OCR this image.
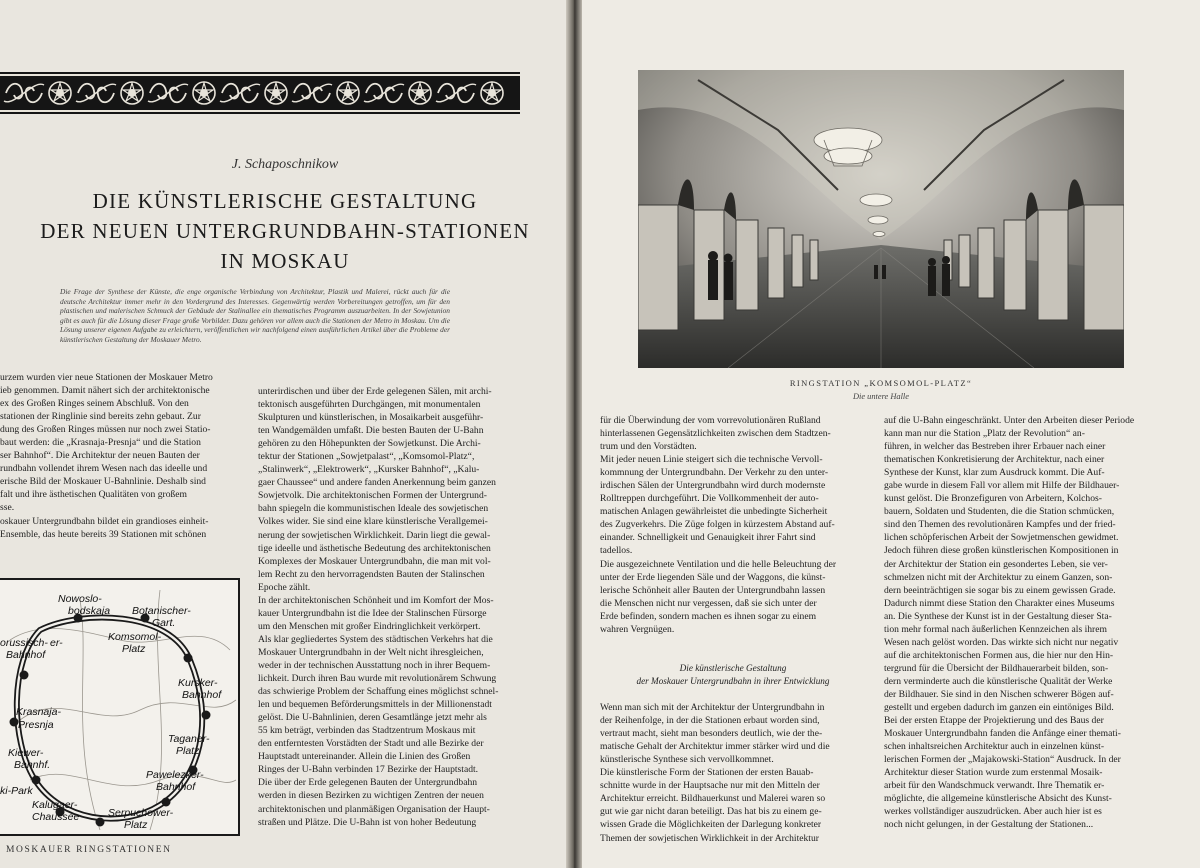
J. Schaposchnikow
DIE KÜNSTLERISCHE GESTALTUNG
DER NEUEN UNTERGRUNDBAHN-STATIONEN
IN MOSKAU
Die Frage der Synthese der Künste, die enge organische Verbindung von Architektur, Plastik und Malerei, rückt auch für die deutsche Architektur immer mehr in den Vordergrund des Interesses. Gegenwärtig werden Vorbereitungen getroffen, um für den plastischen und malerischen Schmuck der Gebäude der Stalinallee ein thematisches Programm auszuarbeiten. In der Sowjetunion gibt es auch für die Lösung dieser Frage große Vorbilder. Dazu gehören vor allem auch die Stationen der Metro in Moskau. Um die Lösung unserer eigenen Aufgabe zu erleichtern, veröffentlichen wir nachfolgend einen ausführlichen Artikel über die Probleme der künstlerischen Gestaltung der Moskauer Metro.
urzem wurden vier neue Stationen der Moskauer Metro
ieb genommen. Damit nähert sich der architektonische
ex des Großen Ringes seinem Abschluß. Von den
stationen der Ringlinie sind bereits zehn gebaut. Zur
dung des Großen Ringes müssen nur noch zwei Statio-
baut werden: die „Krasnaja-Presnja“ und die Station
ser Bahnhof“. Die Architektur der neuen Bauten der
rundbahn vollendet ihrem Wesen nach das ideelle und
erische Bild der Moskauer U-Bahnlinie. Deshalb sind
falt und ihre ästhetischen Qualitäten von großem
sse.
oskauer Untergrundbahn bildet ein grandioses einheit-
Ensemble, das heute bereits 39 Stationen mit schönen
unterirdischen und über der Erde gelegenen Sälen, mit archi-
tektonisch ausgeführten Durchgängen, mit monumentalen
Skulpturen und künstlerischen, in Mosaikarbeit ausgeführ-
ten Wandgemälden umfaßt. Die besten Bauten der U-Bahn
gehören zu den Höhepunkten der Sowjetkunst. Die Archi-
tektur der Stationen „Sowjetpalast“, „Komsomol-Platz“,
„Stalinwerk“, „Elektrowerk“, „Kursker Bahnhof“, „Kalu-
gaer Chaussee“ und andere fanden Anerkennung beim ganzen
Sowjetvolk. Die architektonischen Formen der Untergrund-
bahn spiegeln die kommunistischen Ideale des sowjetischen
Volkes wider. Sie sind eine klare künstlerische Verallgemei-
nerung der sowjetischen Wirklichkeit. Darin liegt die gewal-
tige ideelle und ästhetische Bedeutung des architektonischen
Komplexes der Moskauer Untergrundbahn, die man mit vol-
lem Recht zu den hervorragendsten Bauten der Stalinschen
Epoche zählt.
In der architektonischen Schönheit und im Komfort der Mos-
kauer Untergrundbahn ist die Idee der Stalinschen Fürsorge
um den Menschen mit großer Eindringlichkeit verkörpert.
Als klar gegliedertes System des städtischen Verkehrs hat die
Moskauer Untergrundbahn in der Welt nicht ihresgleichen,
weder in der technischen Ausstattung noch in ihrer Bequem-
lichkeit. Durch ihren Bau wurde mit revolutionärem Schwung
das schwierige Problem der Schaffung eines möglichst schnel-
len und bequemen Beförderungsmittels in der Millionenstadt
gelöst. Die U-Bahnlinien, deren Gesamtlänge jetzt mehr als
55 km beträgt, verbinden das Stadtzentrum Moskaus mit
den entferntesten Vorstädten der Stadt und alle Bezirke der
Hauptstadt untereinander. Allein die Linien des Großen
Ringes der U-Bahn verbinden 17 Bezirke der Hauptstadt.
Die über der Erde gelegenen Bauten der Untergrundbahn
werden in diesen Bezirken zu wichtigen Zentren der neuen
architektonischen und planmäßigen Organisation der Haupt-
straßen und Plätze. Die U-Bahn ist von hoher Bedeutung
Nowoslo-
bodskaja Botanischer-
Gart.
Komsomol-
Platz
orussisch- er-
Bahnhof
Krasnaja-
Presnja
Kursker-
Bahnhof
Kiewer-
Bahnhf.
ki-Park
Taganer-
Platz
Pawelezker-
Bahnhof
Kalugaer-
Chaussee	Serpuchower-
Platz
MOSKAUER RINGSTATIONEN
RINGSTATION „KOMSOMOL-PLATZ“
Die untere Halle
für die Überwindung der vom vorrevolutionären Rußland
hinterlassenen Gegensätzlichkeiten zwischen dem Stadtzen-
trum und den Vorstädten.
Mit jeder neuen Linie steigert sich die technische Vervoll-
kommnung der Untergrundbahn. Der Verkehr zu den unter-
irdischen Sälen der Untergrundbahn wird durch modernste
Rolltreppen durchgeführt. Die Vollkommenheit der auto-
matischen Anlagen gewährleistet die unbedingte Sicherheit
des Zugverkehrs. Die Züge folgen in kürzestem Abstand auf-
einander. Schnelligkeit und Genauigkeit ihrer Fahrt sind
tadellos.
Die ausgezeichnete Ventilation und die helle Beleuchtung der
unter der Erde liegenden Säle und der Waggons, die künst-
lerische Schönheit aller Bauten der Untergrundbahn lassen
die Menschen nicht nur vergessen, daß sie sich unter der
Erde befinden, sondern machen es ihnen sogar zu einem
wahren Vergnügen.

Die künstlerische Gestaltung
der Moskauer Untergrundbahn in ihrer Entwicklung

Wenn man sich mit der Architektur der Untergrundbahn in
der Reihenfolge, in der die Stationen erbaut worden sind,
vertraut macht, sieht man besonders deutlich, wie der the-
matische Gehalt der Architektur immer stärker wird und die
künstlerische Synthese sich vervollkommnet.
Die künstlerische Form der Stationen der ersten Bauab-
schnitte wurde in der Hauptsache nur mit den Mitteln der
Architektur erreicht. Bildhauerkunst und Malerei waren so
gut wie gar nicht daran beteiligt. Das hat bis zu einem ge-
wissen Grade die Möglichkeiten der Darlegung konkreter
Themen der sowjetischen Wirklichkeit in der Architektur
auf die U-Bahn eingeschränkt. Unter den Arbeiten dieser Periode
kann man nur die Station „Platz der Revolution“ an-
führen, in welcher das Bestreben ihrer Erbauer nach einer
thematischen Konkretisierung der Architektur, nach einer
Synthese der Kunst, klar zum Ausdruck kommt. Die Auf-
gabe wurde in diesem Fall vor allem mit Hilfe der Bildhauer-
kunst gelöst. Die Bronzefiguren von Arbeitern, Kolchos-
bauern, Soldaten und Studenten, die die Station schmücken,
sind den Themen des revolutionären Kampfes und der fried-
lichen schöpferischen Arbeit der Sowjetmenschen gewidmet.
Jedoch führen diese großen künstlerischen Kompositionen in
der Architektur der Station ein gesondertes Leben, sie ver-
schmelzen nicht mit der Architektur zu einem Ganzen, son-
dern beeinträchtigen sie sogar bis zu einem gewissen Grade.
Dadurch nimmt diese Station den Charakter eines Museums
an. Die Synthese der Kunst ist in der Gestaltung dieser Sta-
tion mehr formal nach äußerlichen Kennzeichen als ihrem
Wesen nach gelöst worden. Das wirkte sich nicht nur negativ
auf die architektonischen Formen aus, die hier nur den Hin-
tergrund für die Übersicht der Bildhauerarbeit bilden, son-
dern verminderte auch die künstlerische Qualität der Werke
der Bildhauer. Sie sind in den Nischen schwerer Bögen auf-
gestellt und ergeben dadurch im ganzen ein eintöniges Bild.
Bei der ersten Etappe der Projektierung und des Baus der
Moskauer Untergrundbahn fanden die Anfänge einer themati-
schen inhaltsreichen Architektur auch in einzelnen künst-
lerischen Formen der „Majakowski-Station“ Ausdruck. In der
Architektur dieser Station wurde zum erstenmal Mosaik-
arbeit für den Wandschmuck verwandt. Ihre Thematik er-
möglichte, die allgemeine künstlerische Absicht des Kunst-
werkes vollständiger auszudrücken. Aber auch hier ist es
noch nicht gelungen, in der Gestaltung der Stationen...
